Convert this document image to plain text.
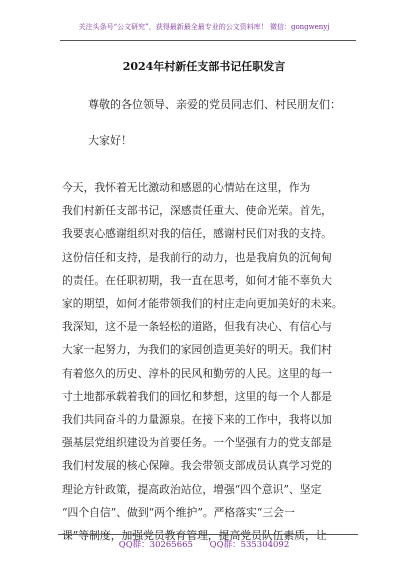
关注头条号“公文研究”，获得最新最全最专业的公文资料库！ 微信：gongwenyj
2024年村新任支部书记任职发言
尊敬的各位领导、亲爱的党员同志们、村民朋友们：
大家好！
今天，我怀着无比激动和感恩的心情站在这里，作为
我们村新任支部书记，深感责任重大、使命光荣。首先，
我要衷心感谢组织对我的信任，感谢村民们对我的支持。
这份信任和支持，是我前行的动力，也是我肩负的沉甸甸
的责任。在任职初期，我一直在思考，如何才能不辜负大
家的期望，如何才能带领我们的村庄走向更加美好的未来。
我深知，这不是一条轻松的道路，但我有决心、有信心与
大家一起努力，为我们的家园创造更美好的明天。我们村
有着悠久的历史、淳朴的民风和勤劳的人民。这里的每一
寸土地都承载着我们的回忆和梦想，这里的每一个人都是
我们共同奋斗的力量源泉。在接下来的工作中，我将以加
强基层党组织建设为首要任务。一个坚强有力的党支部是
我们村发展的核心保障。我会带领支部成员认真学习党的
理论方针政策，提高政治站位，增强“四个意识”、坚定
“四个自信”、做到“两个维护”。严格落实“三会一
课”等制度，加强党员教育管理，提高党员队伍素质，让
QQ群：30265665 QQ群：535304092
